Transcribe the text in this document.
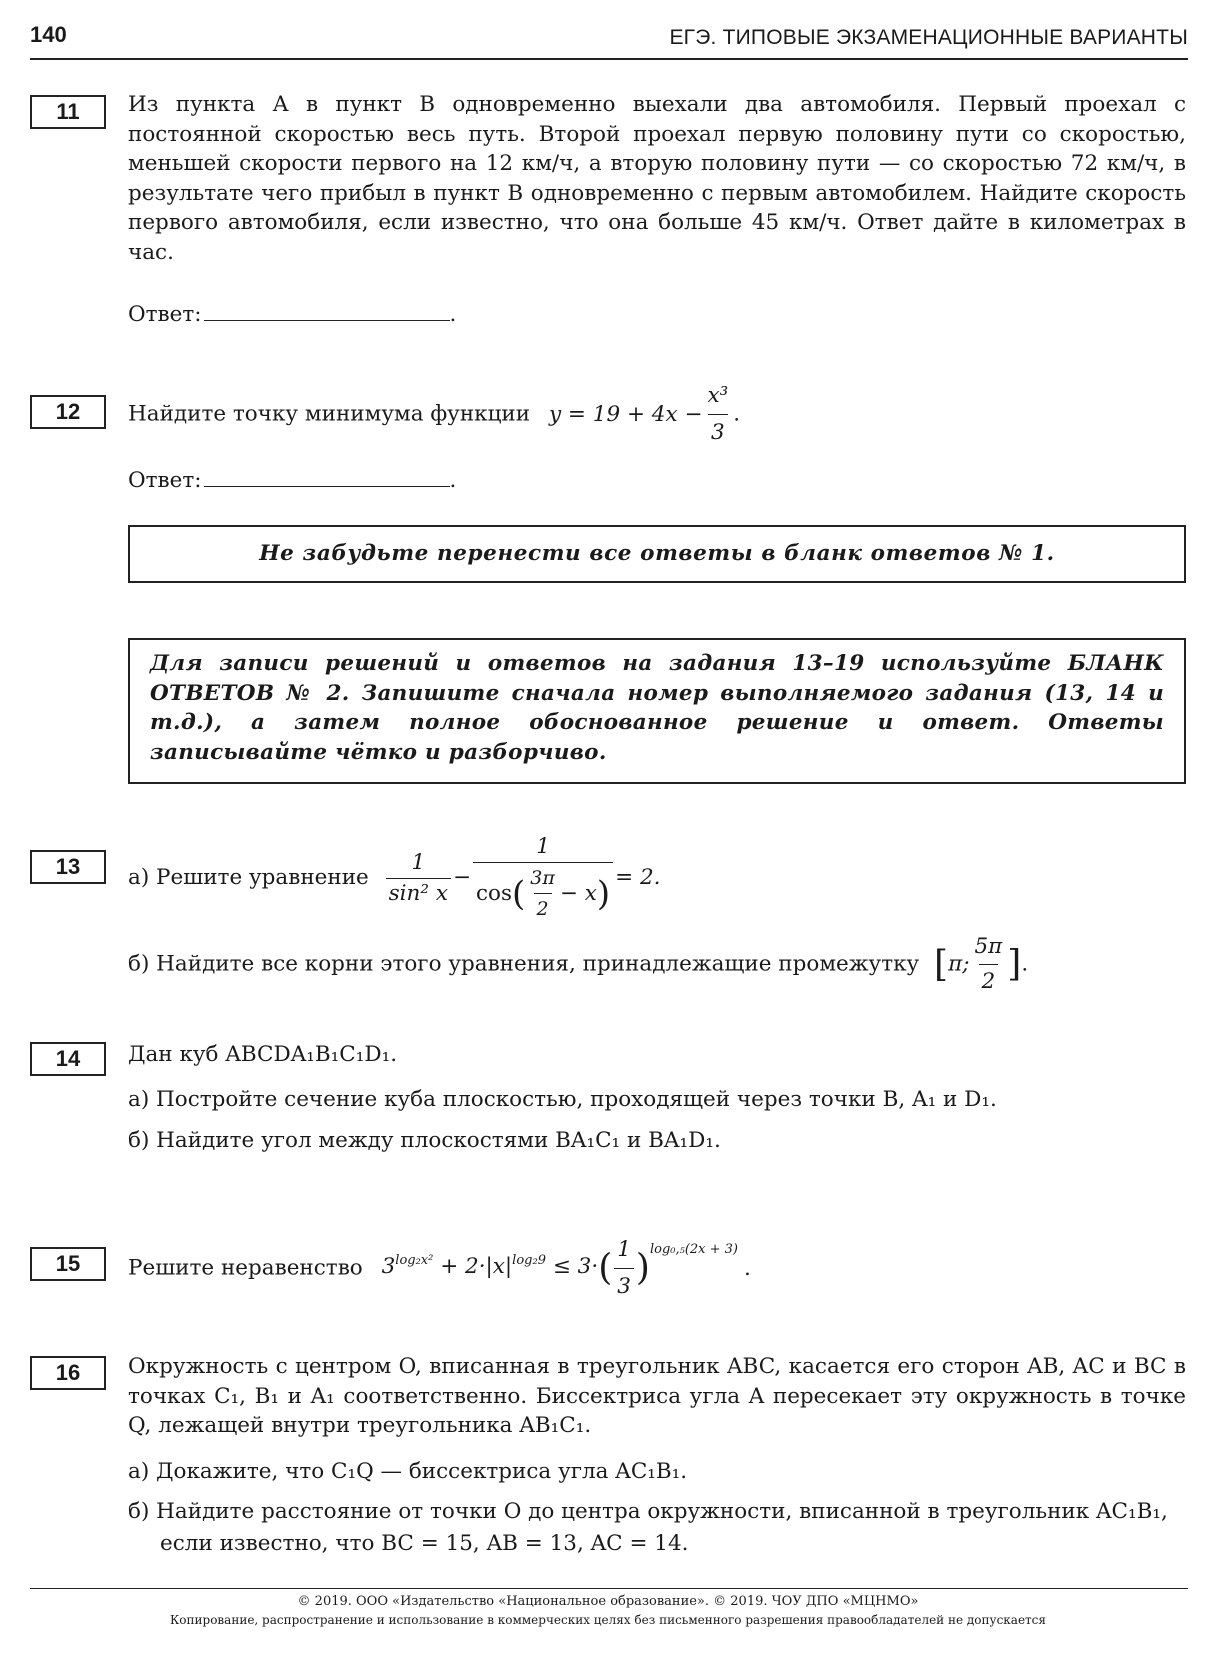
140	ЕГЭ. ТИПОВЫЕ ЭКЗАМЕНАЦИОННЫЕ ВАРИАНТЫ
11	Из пункта А в пункт В одновременно выехали два автомобиля. Первый проехал с постоянной скоростью весь путь. Второй проехал первую половину пути со скоростью, меньшей скорости первого на 12 км/ч, а вторую половину пути — со скоростью 72 км/ч, в результате чего прибыл в пункт В одновременно с первым автомобилем. Найдите скорость первого автомобиля, если известно, что она больше 45 км/ч. Ответ дайте в километрах в час.
Ответ:	.
12	Найдите точку минимума функции $y = 19 + 4x - \frac{\text{x³}}{3}$ .
Ответ:	.
Не забудьте перенести все ответы в бланк ответов № 1.
Для записи решений и ответов на задания 13–19 используйте БЛАНК ОТВЕТОВ № 2. Запишите сначала номер выполняемого задания (13, 14 и т.д.), а затем полное обоснованное решение и ответ. Ответы записывайте чётко и разборчиво.
13	а) Решите уравнение $\frac{1}{\text{sin² x}} - \frac{1}{\cos ( \frac{3\pi}{2} - x )} = 2$.
б) Найдите все корни этого уравнения, принадлежащие промежутку [π; $\frac{5\pi}{2}$ ].
14	Дан куб ABCDA₁B₁C₁D₁.
а) Постройте сечение куба плоскостью, проходящей через точки B, A₁ и D₁.
б) Найдите угол между плоскостями BA₁C₁ и BA₁D₁.
15	Решите неравенство $3^{log_2x^2} + 2\cdot|x|^{log_29} \le 3\cdot( \frac{1}{3} )^{log_0,_5(2x + 3)}$.
16	Окружность с центром O, вписанная в треугольник ABC, касается его сторон AB, AC и BC в точках C₁, B₁ и A₁ соответственно. Биссектриса угла A пересекает эту окружность в точке Q, лежащей внутри треугольника AB₁C₁.
а) Докажите, что C₁Q — биссектриса угла AC₁B₁.
б) Найдите расстояние от точки O до центра окружности, вписанной в треугольник AC₁B₁,
если известно, что BC = 15, AB = 13, AC = 14.
© 2019. ООО «Издательство «Национальное образование». © 2019. ЧОУ ДПО «МЦНМО»
Копирование, распространение и использование в коммерческих целях без письменного разрешения правообладателей не допускается
